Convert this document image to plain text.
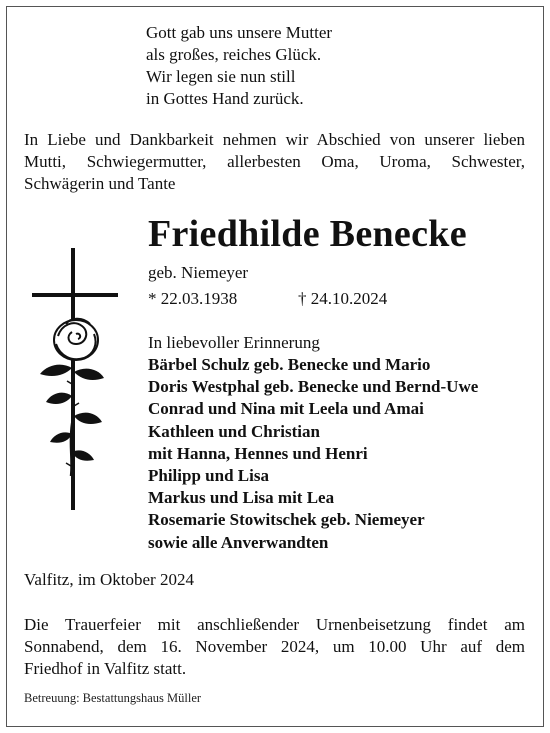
Gott gab uns unsere Mutter
als großes, reiches Glück.
Wir legen sie nun still
in Gottes Hand zurück.
In Liebe und Dankbarkeit nehmen wir Abschied von unserer lieben Mutti, Schwiegermutter, allerbesten Oma, Uroma, Schwester, Schwägerin und Tante
Friedhilde Benecke
geb. Niemeyer
* 22.03.1938	† 24.10.2024
In liebevoller Erinnerung
Bärbel Schulz geb. Benecke und Mario
Doris Westphal geb. Benecke und Bernd-Uwe
Conrad und Nina mit Leela und Amai
Kathleen und Christian
mit Hanna, Hennes und Henri
Philipp und Lisa
Markus und Lisa mit Lea
Rosemarie Stowitschek geb. Niemeyer
sowie alle Anverwandten
Valfitz, im Oktober 2024
Die Trauerfeier mit anschließender Urnenbeisetzung findet am
Sonnabend, dem 16. November 2024, um 10.00 Uhr auf dem
Friedhof in Valfitz statt.
Betreuung: Bestattungshaus Müller
